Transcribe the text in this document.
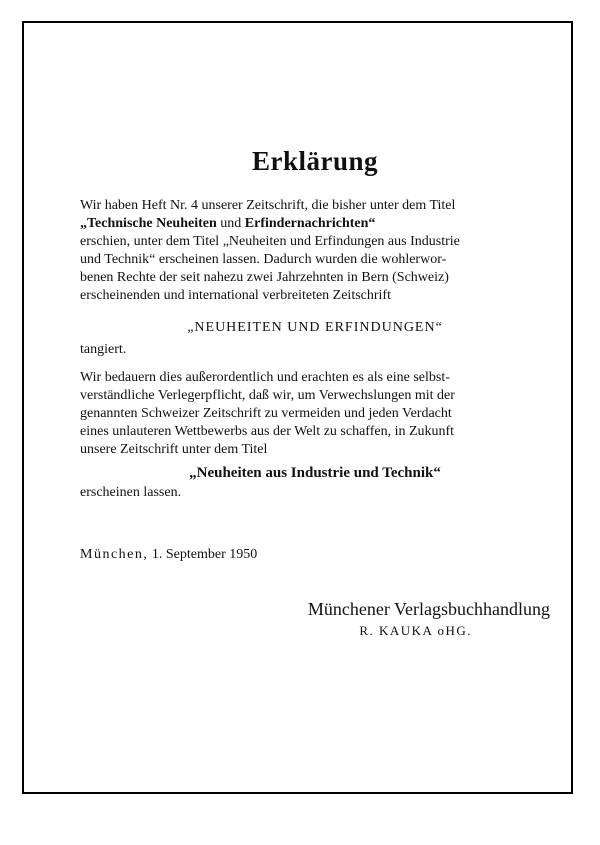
Erklärung
Wir haben Heft Nr. 4 unserer Zeitschrift, die bisher unter dem Titel
„Technische Neuheiten und Erfindernachrichten“
erschien, unter dem Titel „Neuheiten und Erfindungen aus Industrie
und Technik“ erscheinen lassen. Dadurch wurden die wohlerwor-
benen Rechte der seit nahezu zwei Jahrzehnten in Bern (Schweiz)
erscheinenden und international verbreiteten Zeitschrift
„NEUHEITEN UND ERFINDUNGEN“
tangiert.
Wir bedauern dies außerordentlich und erachten es als eine selbst-
verständliche Verlegerpflicht, daß wir, um Verwechslungen mit der
genannten Schweizer Zeitschrift zu vermeiden und jeden Verdacht
eines unlauteren Wettbewerbs aus der Welt zu schaffen, in Zukunft
unsere Zeitschrift unter dem Titel
„Neuheiten aus Industrie und Technik“
erscheinen lassen.
München, 1. September 1950
Münchener Verlagsbuchhandlung
R. KAUKA oHG.
